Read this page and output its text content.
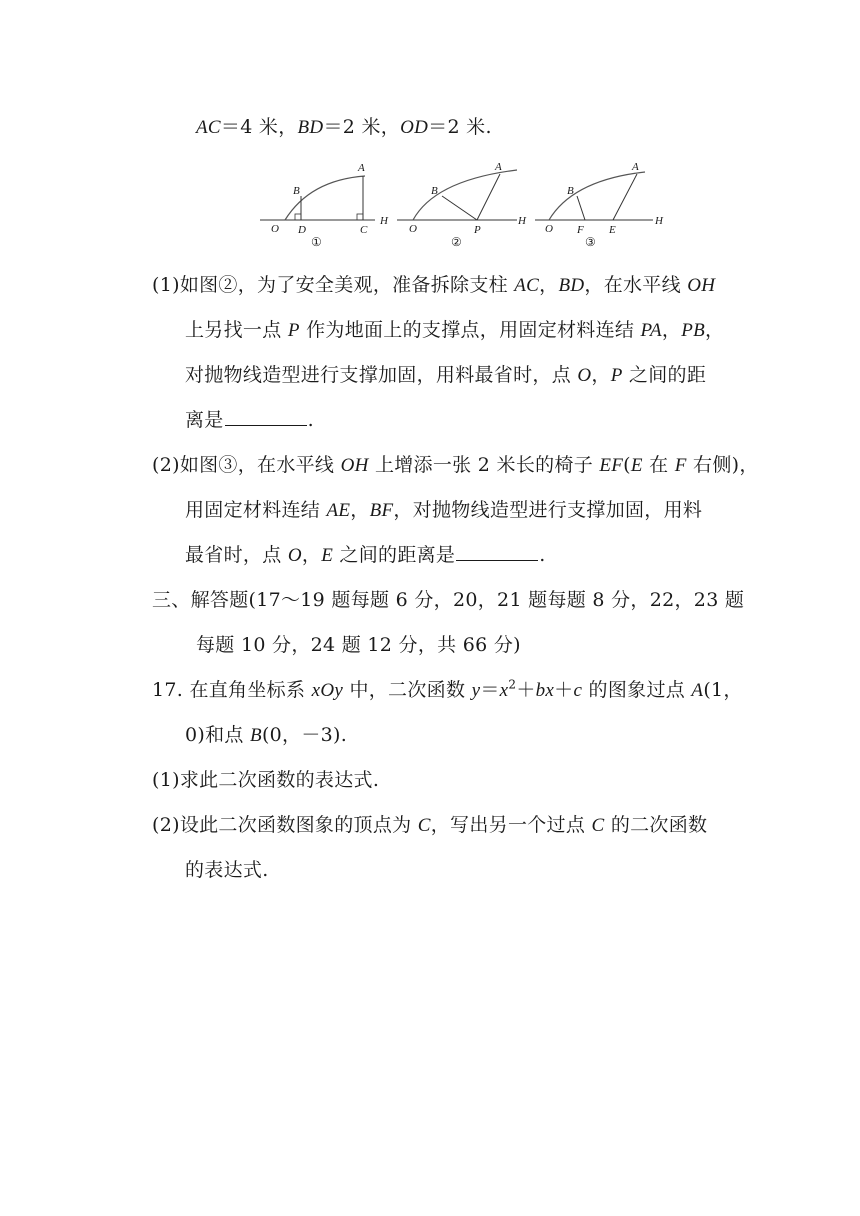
AC＝4 米，BD＝2 米，OD＝2 米.
A
B
O D	C
H
①
A
B
O	P
H
②
A
B
O F E
H
③
(1)如图②，为了安全美观，准备拆除支柱 AC，BD，在水平线 OH
上另找一点 P 作为地面上的支撑点，用固定材料连结 PA，PB，
对抛物线造型进行支撑加固，用料最省时，点 O，P 之间的距
离是	.
(2)如图③，在水平线 OH 上增添一张 2 米长的椅子 EF(E 在 F 右侧)，
用固定材料连结 AE，BF，对抛物线造型进行支撑加固，用料
最省时，点 O，E 之间的距离是	.
三、解答题(17～19 题每题 6 分，20，21 题每题 8 分，22，23 题
每题 10 分，24 题 12 分，共 66 分)
17. 在直角坐标系 xOy 中，二次函数 $y=x^2+bx+c$ 的图象过点 A(1，
0)和点 B(0，－3).
(1)求此二次函数的表达式.
(2)设此二次函数图象的顶点为 C，写出另一个过点 C 的二次函数
的表达式.
